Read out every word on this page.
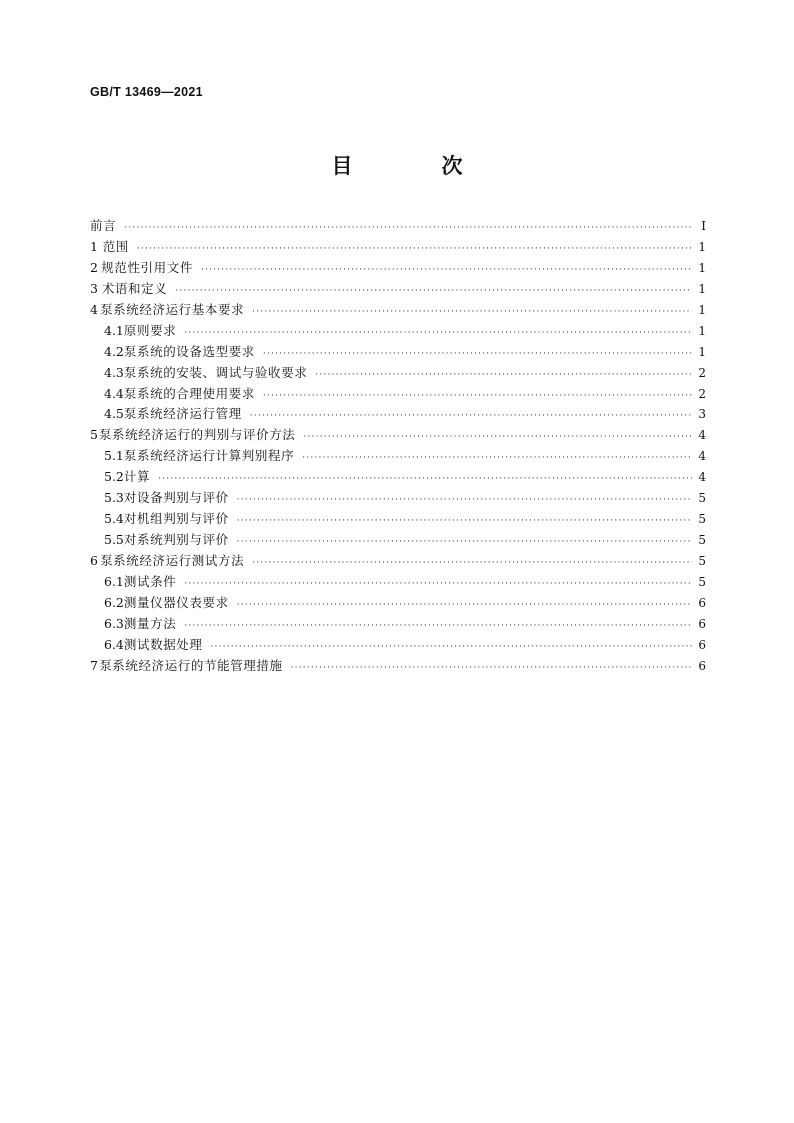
GB/T 13469—2021
目　次
前言 ·····	Ⅰ
1 范围 ·····	1
2 规范性引用文件 ·····	1
3 术语和定义 ·····	1
4 泵系统经济运行基本要求 ·····	1
4.1 原则要求 ·····	1
4.2 泵系统的设备选型要求 ·····	1
4.3 泵系统的安装、调试与验收要求 ·····	2
4.4 泵系统的合理使用要求 ·····	2
4.5 泵系统经济运行管理 ·····	3
5 泵系统经济运行的判别与评价方法 ·····	4
5.1 泵系统经济运行计算判别程序 ·····	4
5.2 计算 ·····	4
5.3 对设备判别与评价 ·····	5
5.4 对机组判别与评价 ·····	5
5.5 对系统判别与评价 ·····	5
6 泵系统经济运行测试方法 ·····	5
6.1 测试条件 ·····	5
6.2 测量仪器仪表要求 ·····	6
6.3 测量方法 ·····	6
6.4 测试数据处理 ·····	6
7 泵系统经济运行的节能管理措施 ·····	6
